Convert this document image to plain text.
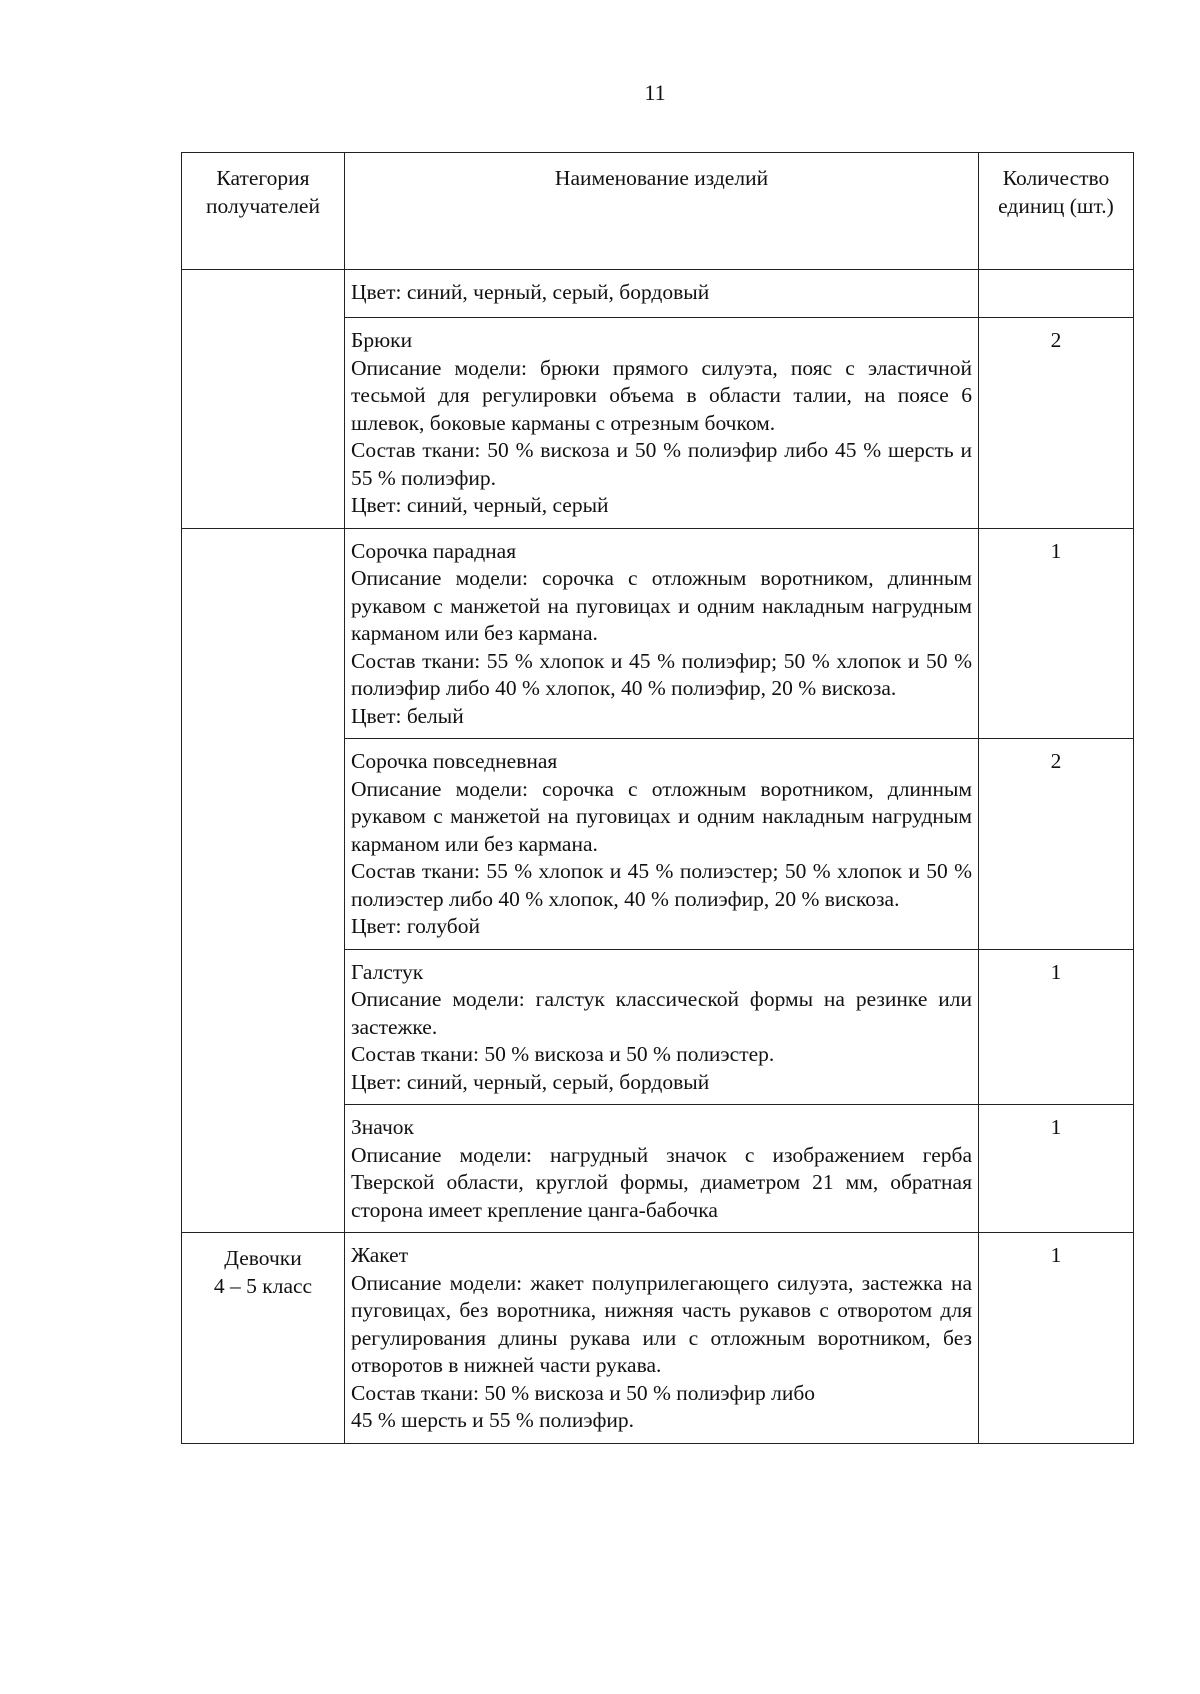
11
Категория получателей	Наименование изделий	Количество единиц (шт.)
	Цвет: синий, черный, серый, бордовый	

	Брюки
Описание модели: брюки прямого силуэта, пояс с эластичной тесьмой для регулировки объема в области талии, на поясе 6 шлевок, боковые карманы с отрезным бочком.
Состав ткани: 50 % вискоза и 50 % полиэфир либо 45 % шерсть и 55 % полиэфир.
Цвет: синий, черный, серый	2

	Сорочка парадная
Описание модели: сорочка с отложным воротником, длинным рукавом с манжетой на пуговицах и одним накладным нагрудным карманом или без кармана.
Состав ткани: 55 % хлопок и 45 % полиэфир; 50 % хлопок и 50 % полиэфир либо 40 % хлопок, 40 % полиэфир, 20 % вискоза.
Цвет: белый	1

	Сорочка повседневная
Описание модели: сорочка с отложным воротником, длинным рукавом с манжетой на пуговицах и одним накладным нагрудным карманом или без кармана.
Состав ткани: 55 % хлопок и 45 % полиэстер; 50 % хлопок и 50 % полиэстер либо 40 % хлопок, 40 % полиэфир, 20 % вискоза.
Цвет: голубой	2

	Галстук
Описание модели: галстук классической формы на резинке или застежке.
Состав ткани: 50 % вискоза и 50 % полиэстер.
Цвет: синий, черный, серый, бордовый	1

	Значок
Описание модели: нагрудный значок с изображением герба Тверской области, круглой формы, диаметром 21 мм, обратная сторона имеет крепление цанга-бабочка	1

Девочки
4 – 5 класс	Жакет
Описание модели: жакет полуприлегающего силуэта, застежка на пуговицах, без воротника, нижняя часть рукавов с отворотом для регулирования длины рукава или с отложным воротником, без отворотов в нижней части рукава.
Состав ткани: 50 % вискоза и 50 % полиэфир либо
45 % шерсть и 55 % полиэфир.	1
